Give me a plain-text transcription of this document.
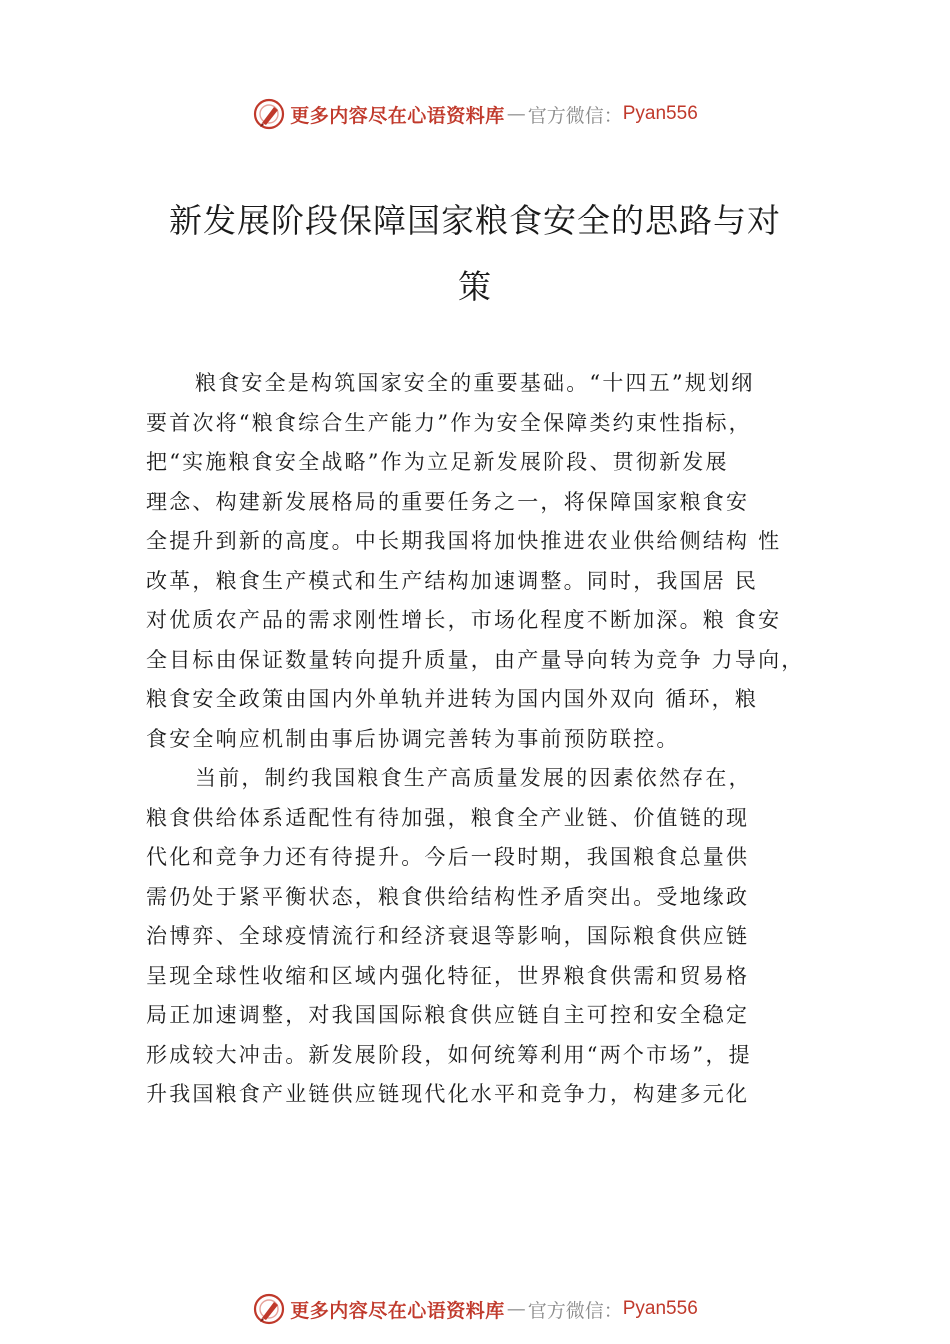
更多内容尽在心语资料库 — 官方微信： Pyan556
新发展阶段保障国家粮食安全的思路与对
策

粮食安全是构筑国家安全的重要基础。“十四五”规划纲
要首次将“粮食综合生产能力”作为安全保障类约束性指标，
把“实施粮食安全战略”作为立足新发展阶段、贯彻新发展
理念、构建新发展格局的重要任务之一，将保障国家粮食安
全提升到新的高度。中长期我国将加快推进农业供给侧结构 性
改革，粮食生产模式和生产结构加速调整。同时，我国居 民
对优质农产品的需求刚性增长，市场化程度不断加深。粮 食安
全目标由保证数量转向提升质量，由产量导向转为竞争 力导向，
粮食安全政策由国内外单轨并进转为国内国外双向 循环，粮
食安全响应机制由事后协调完善转为事前预防联控。

当前，制约我国粮食生产高质量发展的因素依然存在，
粮食供给体系适配性有待加强，粮食全产业链、价值链的现
代化和竞争力还有待提升。今后一段时期，我国粮食总量供
需仍处于紧平衡状态，粮食供给结构性矛盾突出。受地缘政
治博弈、全球疫情流行和经济衰退等影响，国际粮食供应链
呈现全球性收缩和区域内强化特征，世界粮食供需和贸易格
局正加速调整，对我国国际粮食供应链自主可控和安全稳定
形成较大冲击。新发展阶段，如何统筹利用“两个市场”，提
升我国粮食产业链供应链现代化水平和竞争力，构建多元化

更多内容尽在心语资料库 — 官方微信： Pyan556
